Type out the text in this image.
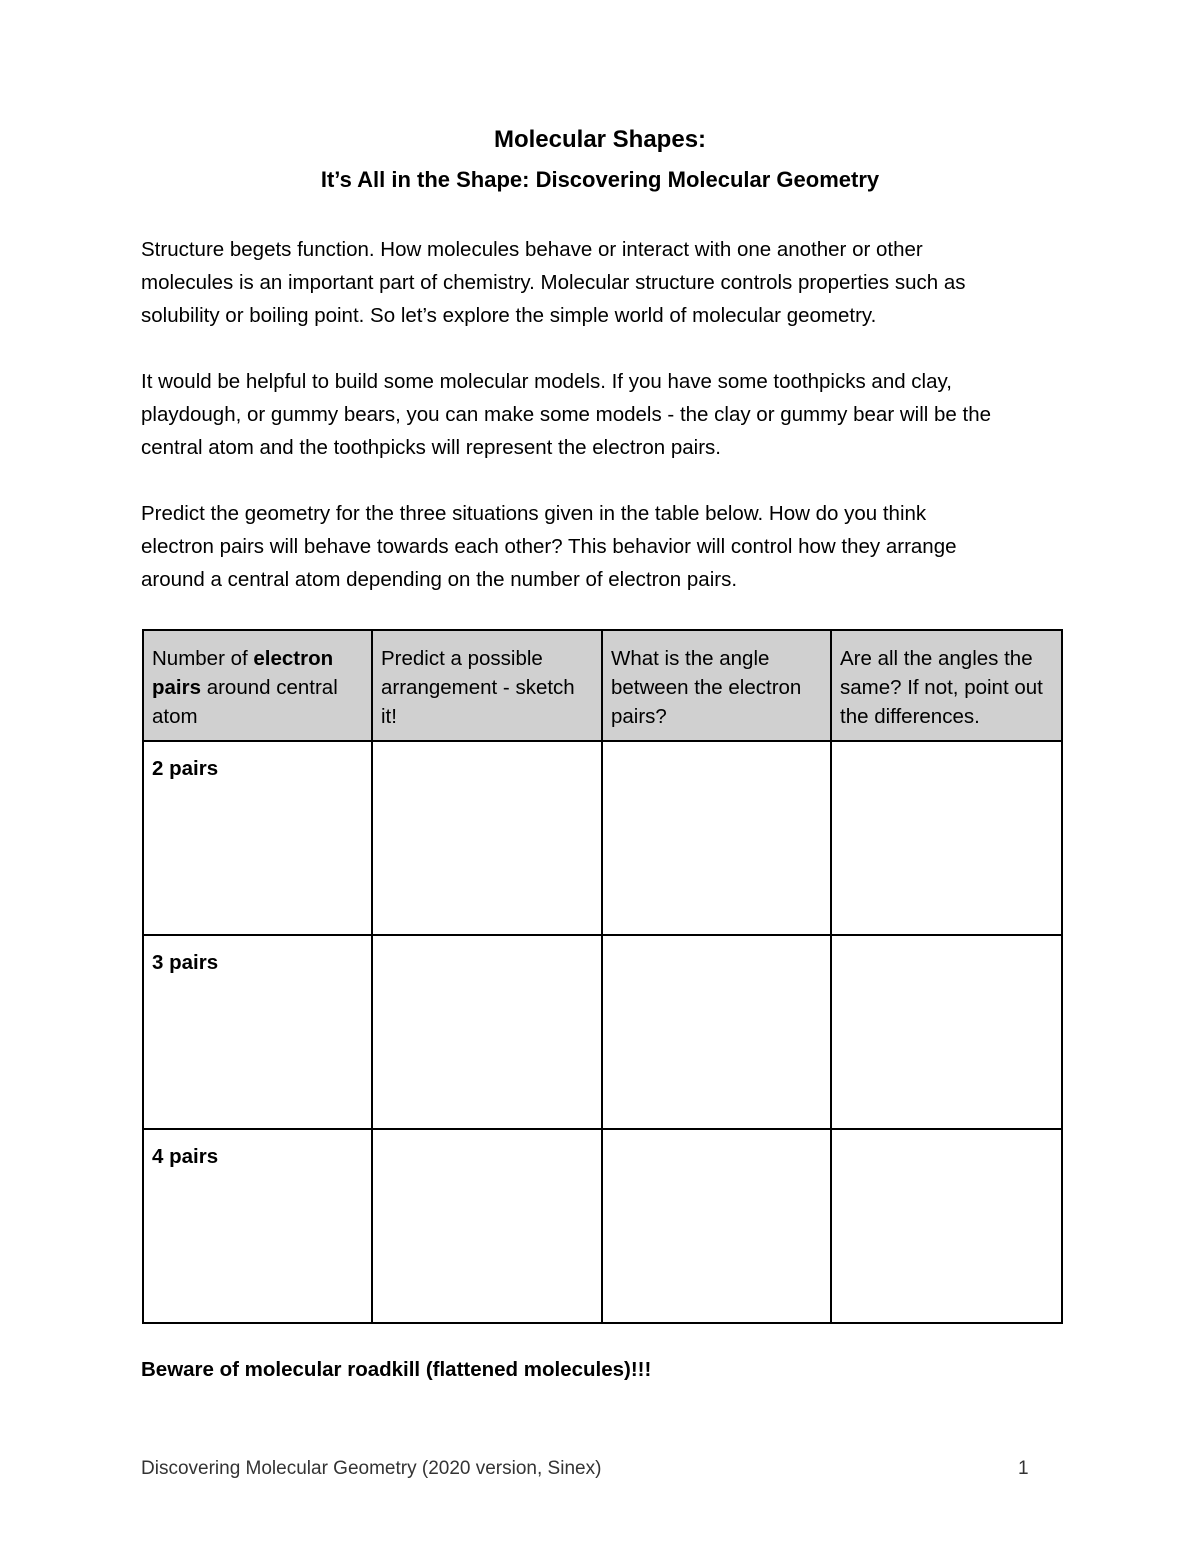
Molecular Shapes:
It’s All in the Shape: Discovering Molecular Geometry

Structure begets function. How molecules behave or interact with one another or other
molecules is an important part of chemistry. Molecular structure controls properties such as
solubility or boiling point. So let’s explore the simple world of molecular geometry.

It would be helpful to build some molecular models. If you have some toothpicks and clay,
playdough, or gummy bears, you can make some models - the clay or gummy bear will be the
central atom and the toothpicks will represent the electron pairs.

Predict the geometry for the three situations given in the table below. How do you think
electron pairs will behave towards each other? This behavior will control how they arrange
around a central atom depending on the number of electron pairs.

Number of electron pairs around central atom	Predict a possible arrangement - sketch it!	What is the angle between the electron pairs?	Are all the angles the same? If not, point out the differences.
2 pairs			
3 pairs			
4 pairs			
Beware of molecular roadkill (flattened molecules)!!!
Discovering Molecular Geometry (2020 version, Sinex)	1
